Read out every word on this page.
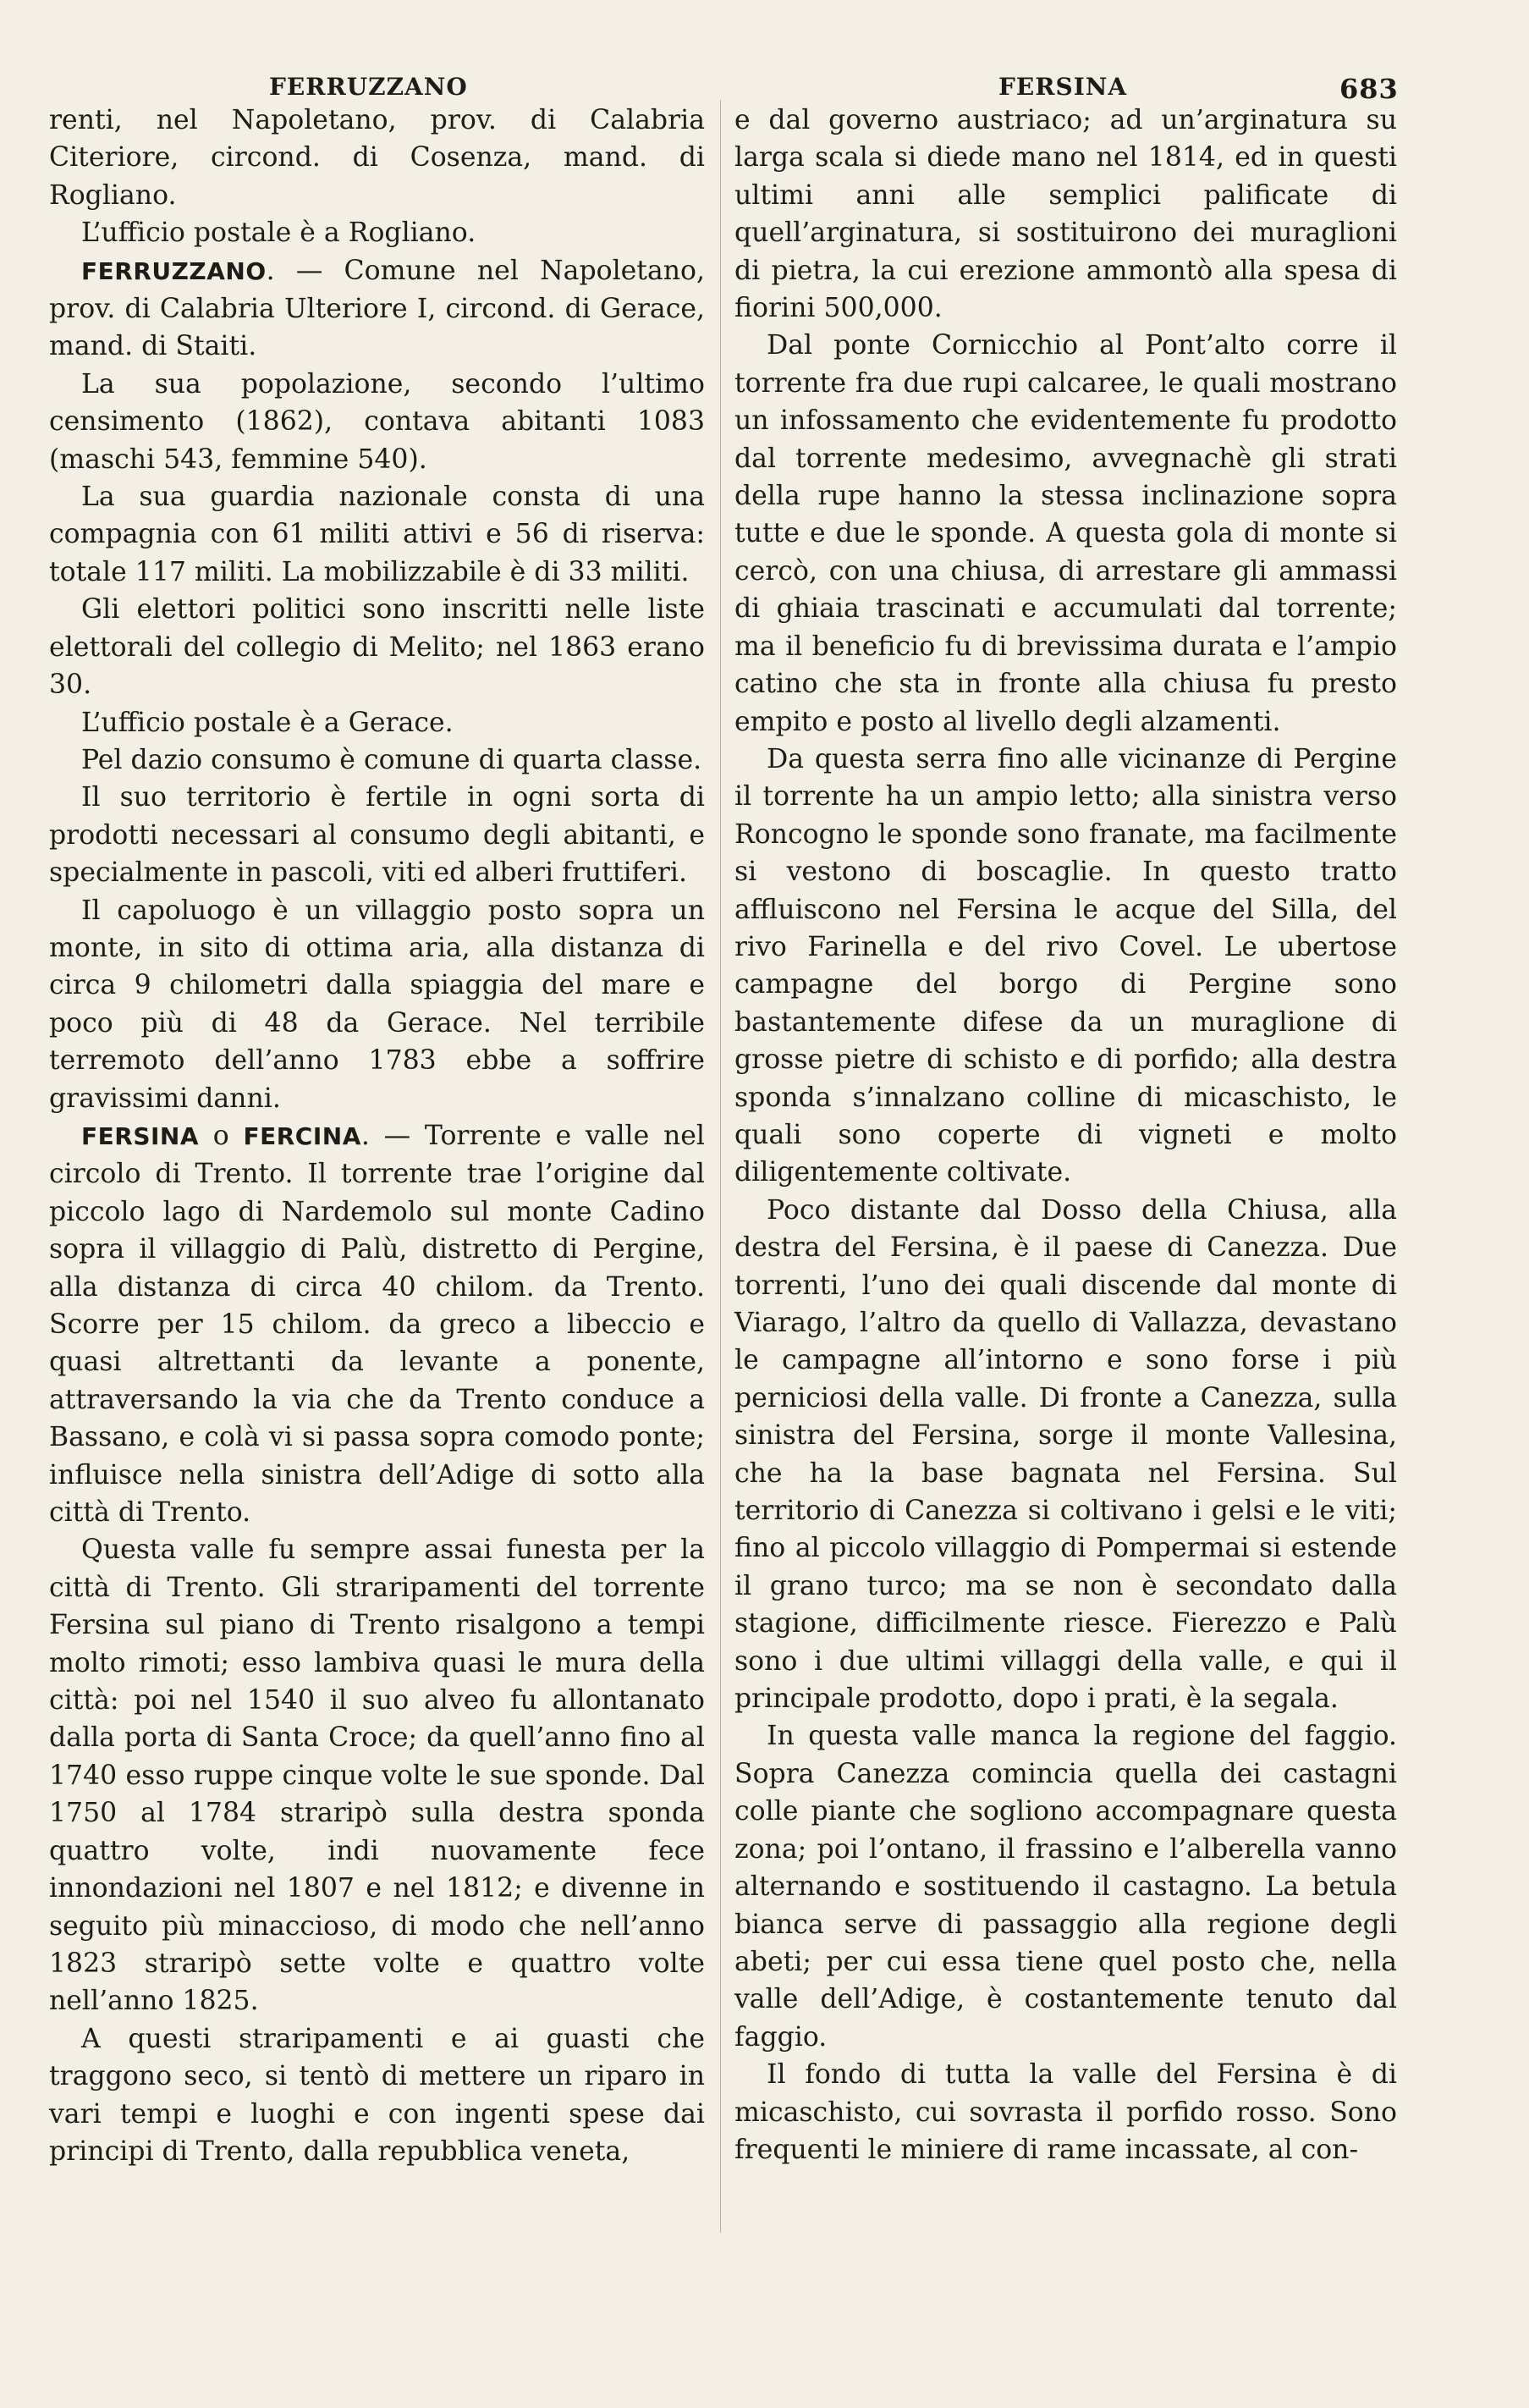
FERRUZZANO	FERSINA	683

renti, nel Napoletano, prov. di Calabria Citeriore, circond. di Cosenza, mand. di Rogliano.

L’ufficio postale è a Rogliano.

FERRUZZANO. — Comune nel Napoletano, prov. di Calabria Ulteriore I, circond. di Gerace, mand. di Staiti.

La sua popolazione, secondo l’ultimo censimento (1862), contava abitanti 1083 (maschi 543, femmine 540).

La sua guardia nazionale consta di una compagnia con 61 militi attivi e 56 di riserva: totale 117 militi. La mobilizzabile è di 33 militi.

Gli elettori politici sono inscritti nelle liste elettorali del collegio di Melito; nel 1863 erano 30.

L’ufficio postale è a Gerace.

Pel dazio consumo è comune di quarta classe.

Il suo territorio è fertile in ogni sorta di prodotti necessari al consumo degli abitanti, e specialmente in pascoli, viti ed alberi fruttiferi.

Il capoluogo è un villaggio posto sopra un monte, in sito di ottima aria, alla distanza di circa 9 chilometri dalla spiaggia del mare e poco più di 48 da Gerace. Nel terribile terremoto dell’anno 1783 ebbe a soffrire gravissimi danni.

FERSINA o FERCINA. — Torrente e valle nel circolo di Trento. Il torrente trae l’origine dal piccolo lago di Nardemolo sul monte Cadino sopra il villaggio di Palù, distretto di Pergine, alla distanza di circa 40 chilom. da Trento. Scorre per 15 chilom. da greco a libeccio e quasi altrettanti da levante a ponente, attraversando la via che da Trento conduce a Bassano, e colà vi si passa sopra comodo ponte; influisce nella sinistra dell’Adige di sotto alla città di Trento.

Questa valle fu sempre assai funesta per la città di Trento. Gli straripamenti del torrente Fersina sul piano di Trento risalgono a tempi molto rimoti; esso lambiva quasi le mura della città: poi nel 1540 il suo alveo fu allontanato dalla porta di Santa Croce; da quell’anno fino al 1740 esso ruppe cinque volte le sue sponde. Dal 1750 al 1784 straripò sulla destra sponda quattro volte, indi nuovamente fece innondazioni nel 1807 e nel 1812; e divenne in seguito più minaccioso, di modo che nell’anno 1823 straripò sette volte e quattro volte nell’anno 1825.

A questi straripamenti e ai guasti che traggono seco, si tentò di mettere un riparo in vari tempi e luoghi e con ingenti spese dai principi di Trento, dalla repubblica veneta,

e dal governo austriaco; ad un’arginatura su larga scala si diede mano nel 1814, ed in questi ultimi anni alle semplici palificate di quell’arginatura, si sostituirono dei muraglioni di pietra, la cui erezione ammontò alla spesa di fiorini 500,000.

Dal ponte Cornicchio al Pont’alto corre il torrente fra due rupi calcaree, le quali mostrano un infossamento che evidentemente fu prodotto dal torrente medesimo, avvegnachè gli strati della rupe hanno la stessa inclinazione sopra tutte e due le sponde. A questa gola di monte si cercò, con una chiusa, di arrestare gli ammassi di ghiaia trascinati e accumulati dal torrente; ma il beneficio fu di brevissima durata e l’ampio catino che sta in fronte alla chiusa fu presto empito e posto al livello degli alzamenti.

Da questa serra fino alle vicinanze di Pergine il torrente ha un ampio letto; alla sinistra verso Roncogno le sponde sono franate, ma facilmente si vestono di boscaglie. In questo tratto affluiscono nel Fersina le acque del Silla, del rivo Farinella e del rivo Covel. Le ubertose campagne del borgo di Pergine sono bastantemente difese da un muraglione di grosse pietre di schisto e di porfido; alla destra sponda s’innalzano colline di micaschisto, le quali sono coperte di vigneti e molto diligentemente coltivate.

Poco distante dal Dosso della Chiusa, alla destra del Fersina, è il paese di Canezza. Due torrenti, l’uno dei quali discende dal monte di Viarago, l’altro da quello di Vallazza, devastano le campagne all’intorno e sono forse i più perniciosi della valle. Di fronte a Canezza, sulla sinistra del Fersina, sorge il monte Vallesina, che ha la base bagnata nel Fersina. Sul territorio di Canezza si coltivano i gelsi e le viti; fino al piccolo villaggio di Pompermai si estende il grano turco; ma se non è secondato dalla stagione, difficilmente riesce. Fierezzo e Palù sono i due ultimi villaggi della valle, e qui il principale prodotto, dopo i prati, è la segala.

In questa valle manca la regione del faggio. Sopra Canezza comincia quella dei castagni colle piante che sogliono accompagnare questa zona; poi l’ontano, il frassino e l’alberella vanno alternando e sostituendo il castagno. La betula bianca serve di passaggio alla regione degli abeti; per cui essa tiene quel posto che, nella valle dell’Adige, è costantemente tenuto dal faggio.

Il fondo di tutta la valle del Fersina è di micaschisto, cui sovrasta il porfido rosso. Sono frequenti le miniere di rame incassate, al con-
